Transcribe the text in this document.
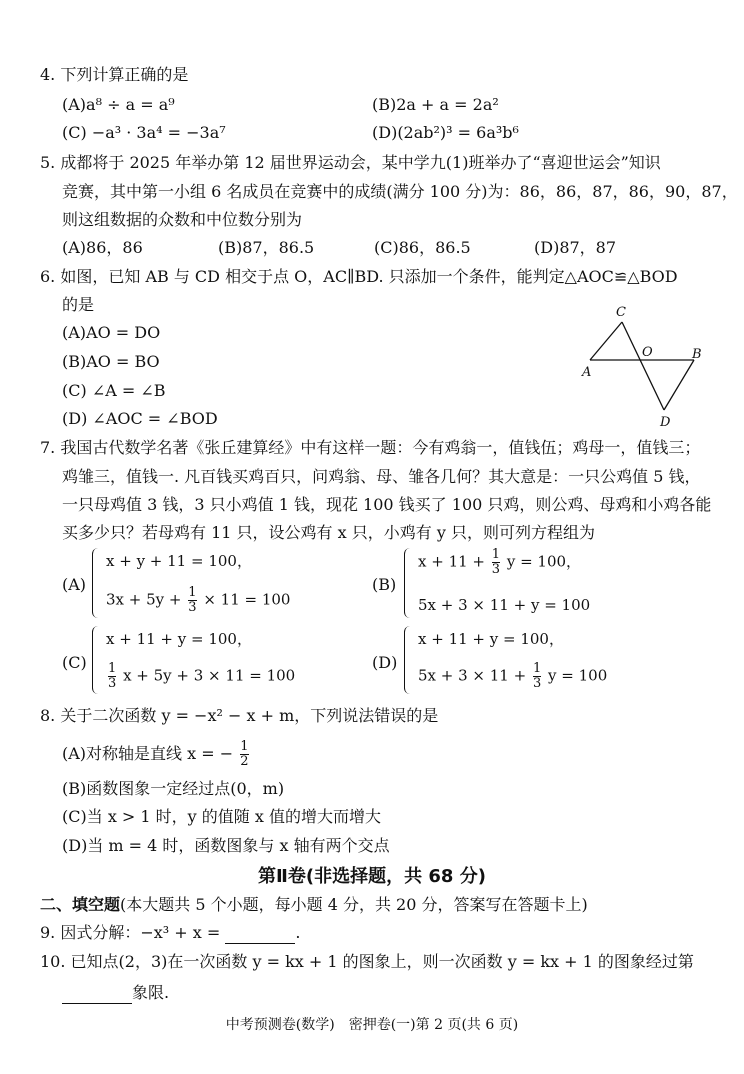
4. 下列计算正确的是
(A)a⁸ ÷ a = a⁹	(B)2a + a = 2a²
(C) −a³ · 3a⁴ = −3a⁷	(D)(2ab²)³ = 6a³b⁶
5. 成都将于 2025 年举办第 12 届世界运动会，某中学九(1)班举办了“喜迎世运会”知识
竞赛，其中第一小组 6 名成员在竞赛中的成绩(满分 100 分)为：86，86，87，86，90，87，
则这组数据的众数和中位数分别为
(A)86，86	(B)87，86.5	(C)86，86.5	(D)87，87
6. 如图，已知 AB 与 CD 相交于点 O，AC∥BD. 只添加一个条件，能判定△AOC≌△BOD
的是
(A)AO = DO
(B)AO = BO
(C) ∠A = ∠B
(D) ∠AOC = ∠BOD
C
O	B
A
D
7. 我国古代数学名著《张丘建算经》中有这样一题：今有鸡翁一，值钱伍；鸡母一，值钱三；
鸡雏三，值钱一. 凡百钱买鸡百只，问鸡翁、母、雏各几何？其大意是：一只公鸡值 5 钱，
一只母鸡值 3 钱，3 只小鸡值 1 钱，现花 100 钱买了 100 只鸡，则公鸡、母鸡和小鸡各能
买多少只？若母鸡有 11 只，设公鸡有 x 只，小鸡有 y 只，则可列方程组为
(A)
x + y + 11 = 100，
$3x + 5y + \frac{1}{3} \times 11 = 100$
(B)
$x + 11 + \frac{1}{3}$ y = 100，
5x + 3 × 11 + y = 100
(C)
x + 11 + y = 100，
$\frac{1}{3}$ x + 5y + 3 × 11 = 100
(D)
x + 11 + y = 100，
$5x + 3 \times 11 + \frac{1}{3}$ y = 100
8. 关于二次函数 y = −x² − x + m，下列说法错误的是
(A)对称轴是直线 x = − $\frac{1}{2}$
(B)函数图象一定经过点(0，m)
(C)当 x > 1 时，y 的值随 x 值的增大而增大
(D)当 m = 4 时，函数图象与 x 轴有两个交点
第Ⅱ卷(非选择题，共 68 分)
二、填空题(本大题共 5 个小题，每小题 4 分，共 20 分，答案写在答题卡上)
9. 因式分解：−x³ + x =	.
10. 已知点(2，3)在一次函数 y = kx + 1 的图象上，则一次函数 y = kx + 1 的图象经过第
象限.
中考预测卷(数学)　密押卷(一)第 2 页(共 6 页)
